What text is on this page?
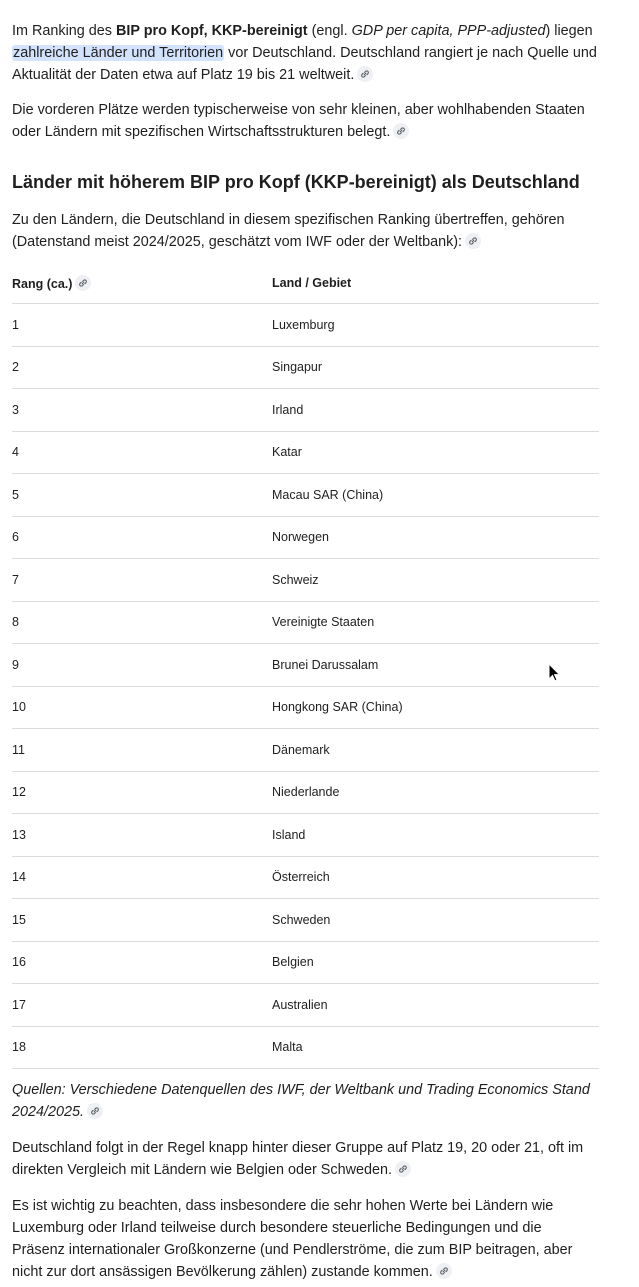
Im Ranking des BIP pro Kopf, KKP-bereinigt (engl. GDP per capita, PPP-adjusted) liegen zahlreiche Länder und Territorien vor Deutschland. Deutschland rangiert je nach Quelle und Aktualität der Daten etwa auf Platz 19 bis 21 weltweit.

Die vorderen Plätze werden typischerweise von sehr kleinen, aber wohlhabenden Staaten oder Ländern mit spezifischen Wirtschaftsstrukturen belegt.

Länder mit höherem BIP pro Kopf (KKP-bereinigt) als Deutschland

Zu den Ländern, die Deutschland in diesem spezifischen Ranking übertreffen, gehören (Datenstand meist 2024/2025, geschätzt vom IWF oder der Weltbank):

Rang (ca.)	Land / Gebiet
1	Luxemburg
2	Singapur
3	Irland
4	Katar
5	Macau SAR (China)
6	Norwegen
7	Schweiz
8	Vereinigte Staaten
9	Brunei Darussalam
10	Hongkong SAR (China)
11	Dänemark
12	Niederlande
13	Island
14	Österreich
15	Schweden
16	Belgien
17	Australien
18	Malta

Quellen: Verschiedene Datenquellen des IWF, der Weltbank und Trading Economics Stand 2024/2025.

Deutschland folgt in der Regel knapp hinter dieser Gruppe auf Platz 19, 20 oder 21, oft im direkten Vergleich mit Ländern wie Belgien oder Schweden.

Es ist wichtig zu beachten, dass insbesondere die sehr hohen Werte bei Ländern wie Luxemburg oder Irland teilweise durch besondere steuerliche Bedingungen und die Präsenz internationaler Großkonzerne (und Pendlerströme, die zum BIP beitragen, aber nicht zur dort ansässigen Bevölkerung zählen) zustande kommen.
